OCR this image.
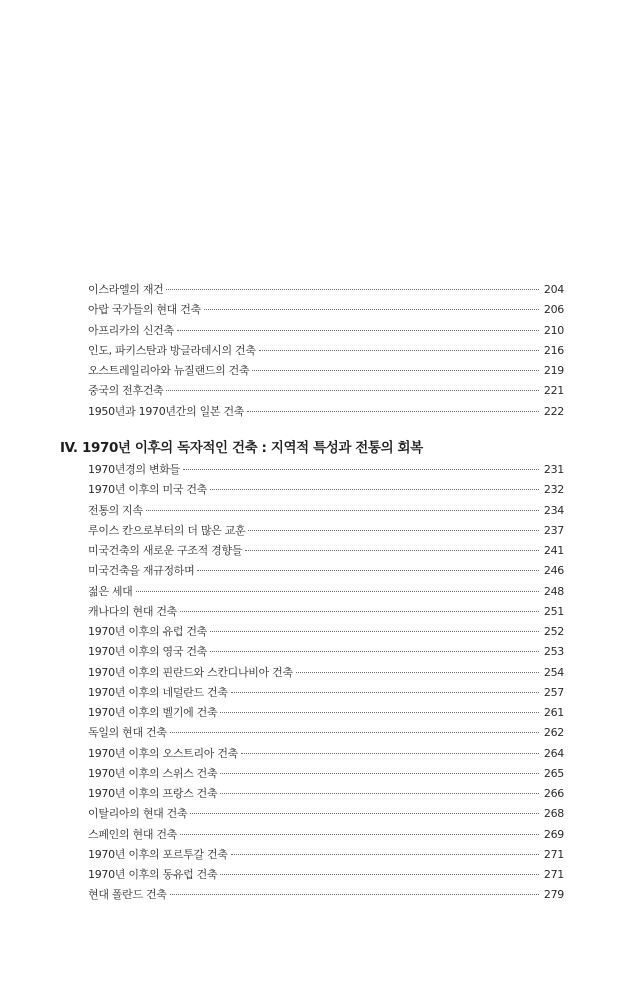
이스라엘의 재건	204
아랍 국가들의 현대 건축	206
아프리카의 신건축	210
인도, 파키스탄과 방글라데시의 건축	216
오스트레일리아와 뉴질랜드의 건축	219
중국의 전후건축	221
1950년과 1970년간의 일본 건축	222
IV. 1970년 이후의 독자적인 건축 : 지역적 특성과 전통의 회복
1970년경의 변화들	231
1970년 이후의 미국 건축	232
전통의 지속	234
루이스 칸으로부터의 더 많은 교훈	237
미국건축의 새로운 구조적 경향들	241
미국건축을 재규정하며	246
젊은 세대	248
캐나다의 현대 건축	251
1970년 이후의 유럽 건축	252
1970년 이후의 영국 건축	253
1970년 이후의 핀란드와 스칸디나비아 건축	254
1970년 이후의 네덜란드 건축	257
1970년 이후의 벨기에 건축	261
독일의 현대 건축	262
1970년 이후의 오스트리아 건축	264
1970년 이후의 스위스 건축	265
1970년 이후의 프랑스 건축	266
이탈리아의 현대 건축	268
스페인의 현대 건축	269
1970년 이후의 포르투갈 건축	271
1970년 이후의 동유럽 건축	271
현대 폴란드 건축	279
